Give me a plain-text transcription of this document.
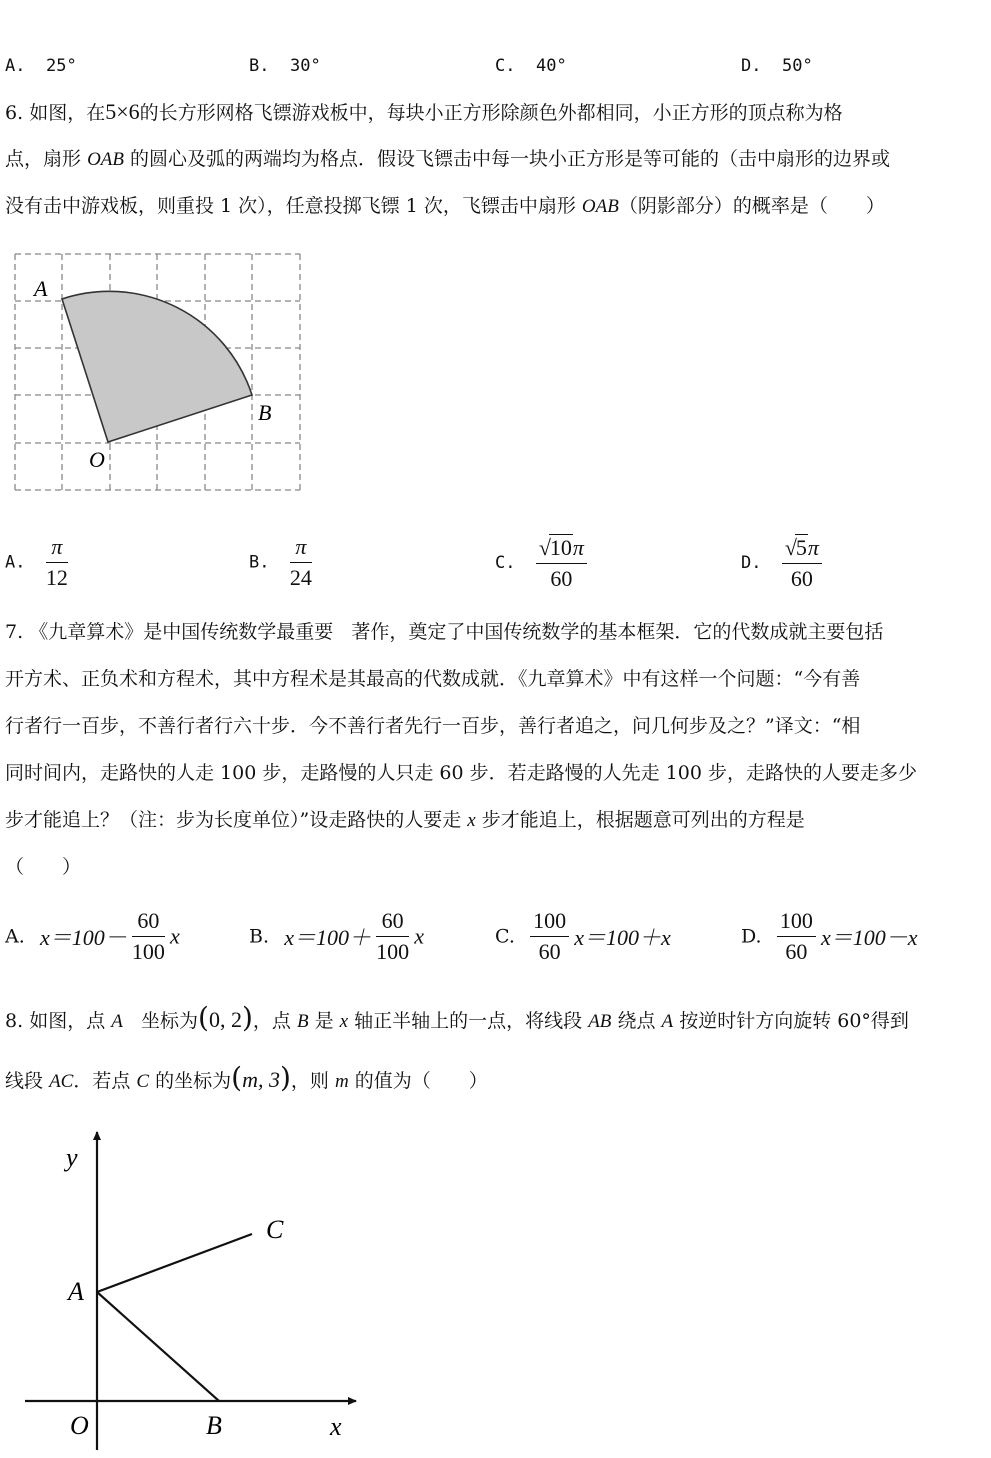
A. 25°	B. 30°	C. 40°	D. 50°
6. 如图，在5×6的长方形网格飞镖游戏板中，每块小正方形除颜色外都相同，小正方形的顶点称为格
点，扇形 OAB 的圆心及弧的两端均为格点．假设飞镖击中每一块小正方形是等可能的（击中扇形的边界或
没有击中游戏板，则重投 1 次），任意投掷飞镖 1 次，飞镖击中扇形 OAB（阴影部分）的概率是（　　）
A
B
O
A. $\frac{\pi}{12}$	B. $\frac{\pi}{24}$	C. $\frac{√10\pi}{60}$	D. $\frac{√5\pi}{60}$
7. 《九章算术》是中国传统数学最重要 著作，奠定了中国传统数学的基本框架．它的代数成就主要包括
开方术、正负术和方程术，其中方程术是其最高的代数成就．《九章算术》中有这样一个问题：“今有善
行者行一百步，不善行者行六十步．今不善行者先行一百步，善行者追之，问几何步及之？”译文：“相
同时间内，走路快的人走 100 步，走路慢的人只走 60 步．若走路慢的人先走 100 步，走路快的人要走多少
步才能追上？（注：步为长度单位）”设走路快的人要走 x 步才能追上，根据题意可列出的方程是
（　　）
A. $x=100- \frac{60}{100}$ x	B. $x=100+ \frac{60}{100}$ x	C. $\frac{100}{60} x=100+x$	D. $\frac{100}{60} x=100-x$
8. 如图，点 A 坐标为(0, 2)，点 B 是 x 轴正半轴上的一点，将线段 AB 绕点 A 按逆时针方向旋转 60°得到
线段 AC．若点 C 的坐标为(m, 3)，则 m 的值为（　　）
y
x
O
A
B
C
